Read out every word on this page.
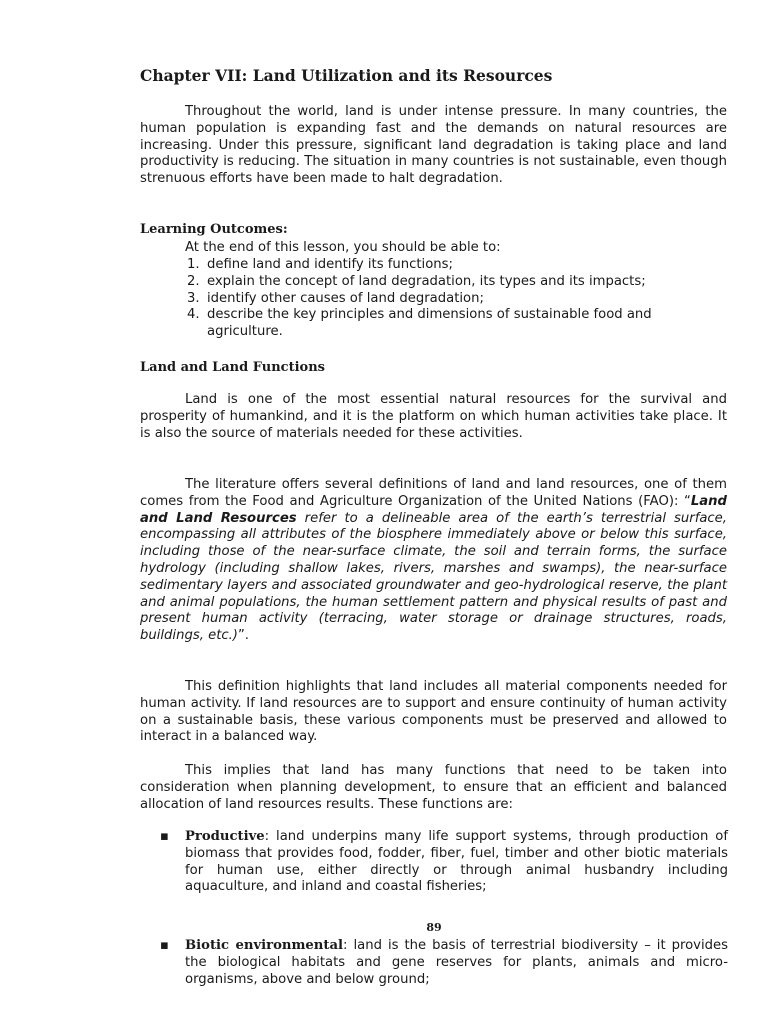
Chapter VII: Land Utilization and its Resources

Throughout the world, land is under intense pressure. In many countries, the human population is expanding fast and the demands on natural resources are increasing. Under this pressure, significant land degradation is taking place and land productivity is reducing. The situation in many countries is not sustainable, even though strenuous efforts have been made to halt degradation.

Learning Outcomes:
At the end of this lesson, you should be able to:
1. define land and identify its functions;
2. explain the concept of land degradation, its types and its impacts;
3. identify other causes of land degradation;
4. describe the key principles and dimensions of sustainable food and agriculture.
Land and Land Functions

Land is one of the most essential natural resources for the survival and prosperity of humankind, and it is the platform on which human activities take place. It is also the source of materials needed for these activities.

The literature offers several definitions of land and land resources, one of them comes from the Food and Agriculture Organization of the United Nations (FAO): “Land and Land Resources refer to a delineable area of the earth’s terrestrial surface, encompassing all attributes of the biosphere immediately above or below this surface, including those of the near-surface climate, the soil and terrain forms, the surface hydrology (including shallow lakes, rivers, marshes and swamps), the near-surface sedimentary layers and associated groundwater and geo-hydrological reserve, the plant and animal populations, the human settlement pattern and physical results of past and present human activity (terracing, water storage or drainage structures, roads, buildings, etc.)”.

This definition highlights that land includes all material components needed for human activity. If land resources are to support and ensure continuity of human activity on a sustainable basis, these various components must be preserved and allowed to interact in a balanced way.

This implies that land has many functions that need to be taken into consideration when planning development, to ensure that an efficient and balanced allocation of land resources results. These functions are:

▪ Productive: land underpins many life support systems, through production of biomass that provides food, fodder, fiber, fuel, timber and other biotic materials for human use, either directly or through animal husbandry including aquaculture, and inland and coastal fisheries;
89
▪ Biotic environmental: land is the basis of terrestrial biodiversity – it provides the biological habitats and gene reserves for plants, animals and micro-organisms, above and below ground;
